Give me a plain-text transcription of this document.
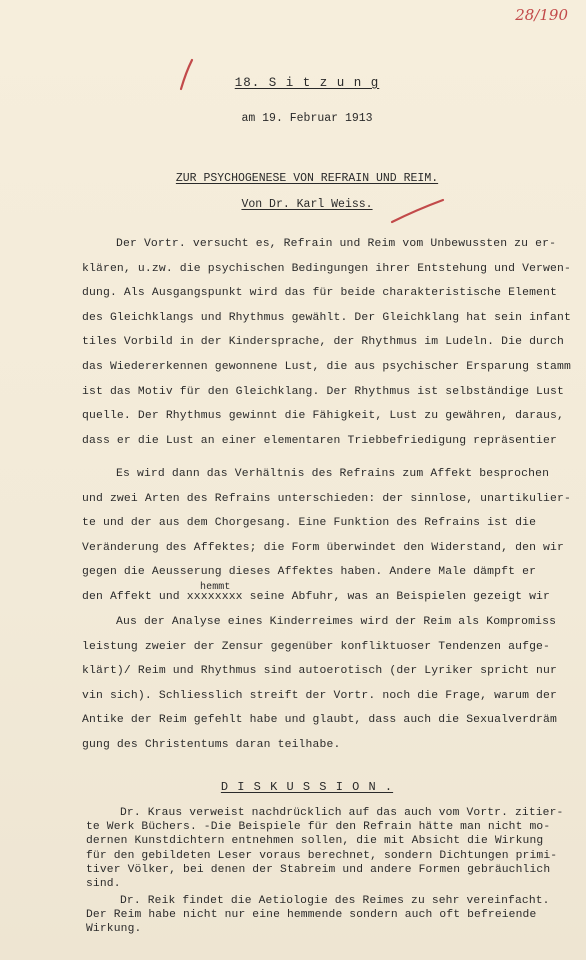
28/190
18. S i t z u n g
am 19. Februar 1913
ZUR PSYCHOGENESE VON REFRAIN UND REIM.
Von Dr. Karl Weiss.
Der Vortr. versucht es, Refrain und Reim vom Unbewussten zu er-
klären, u.zw. die psychischen Bedingungen ihrer Entstehung und Verwen-
dung. Als Ausgangspunkt wird das für beide charakteristische Element
des Gleichklangs und Rhythmus gewählt. Der Gleichklang hat sein infant
tiles Vorbild in der Kindersprache, der Rhythmus im Ludeln. Die durch
das Wiedererkennen gewonnene Lust, die aus psychischer Ersparung stamm
ist das Motiv für den Gleichklang. Der Rhythmus ist selbständige Lust
quelle. Der Rhythmus gewinnt die Fähigkeit, Lust zu gewähren, daraus,
dass er die Lust an einer elementaren Triebbefriedigung repräsentier
Es wird dann das Verhältnis des Refrains zum Affekt besprochen
und zwei Arten des Refrains unterschieden: der sinnlose, unartikulier-
te und der aus dem Chorgesang. Eine Funktion des Refrains ist die
Veränderung des Affektes; die Form überwindet den Widerstand, den wir
gegen die Aeusserung dieses Affektes haben. Andere Male dämpft er
den Affekt und xxxxxxxx seine Abfuhr, was an Beispielen gezeigt wir
hemmt
Aus der Analyse eines Kinderreimes wird der Reim als Kompromiss
leistung zweier der Zensur gegenüber konfliktuoser Tendenzen aufge-
klärt)/ Reim und Rhythmus sind autoerotisch (der Lyriker spricht nur
vin sich). Schliesslich streift der Vortr. noch die Frage, warum der
Antike der Reim gefehlt habe und glaubt, dass auch die Sexualverdräm
gung des Christentums daran teilhabe.
D I S K U S S I O N .
Dr. Kraus verweist nachdrücklich auf das auch vom Vortr. zitier-
te Werk Büchers. -Die Beispiele für den Refrain hätte man nicht mo-
dernen Kunstdichtern entnehmen sollen, die mit Absicht die Wirkung
für den gebildeten Leser voraus berechnet, sondern Dichtungen primi-
tiver Völker, bei denen der Stabreim und andere Formen gebräuchlich
sind.
Dr. Reik findet die Aetiologie des Reimes zu sehr vereinfacht.
Der Reim habe nicht nur eine hemmende sondern auch oft befreiende
Wirkung.
